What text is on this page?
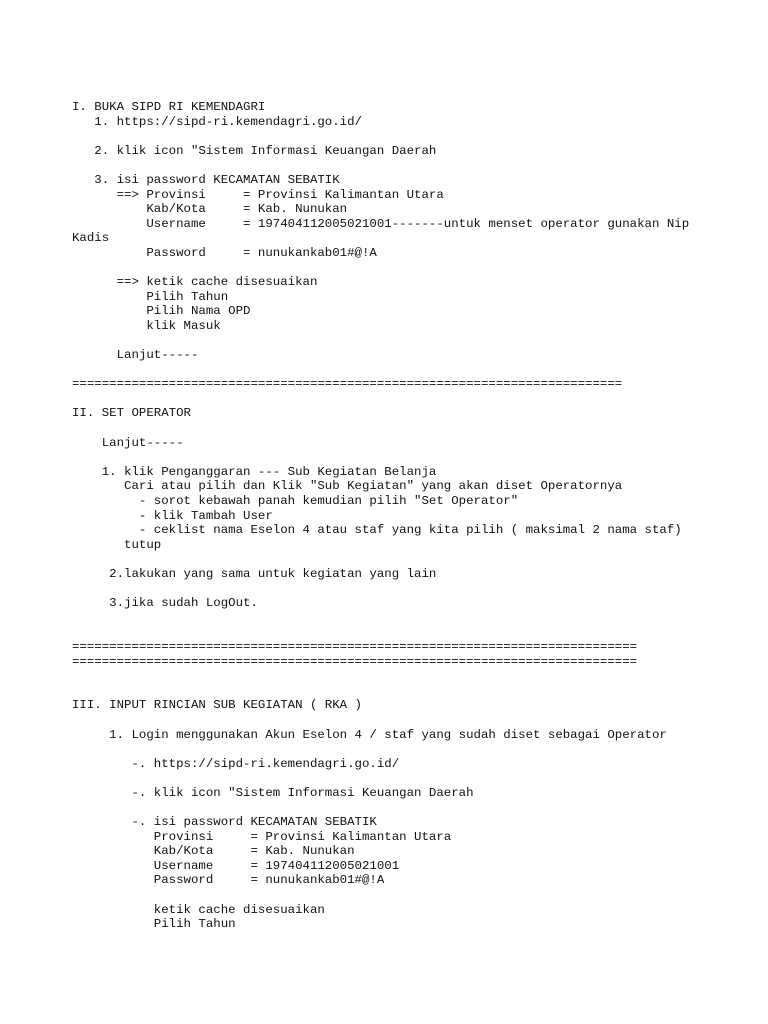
I. BUKA SIPD RI KEMENDAGRI
1. https://sipd-ri.kemendagri.go.id/
2. klik icon "Sistem Informasi Keuangan Daerah
3. isi password KECAMATAN SEBATIK
==> Provinsi     = Provinsi Kalimantan Utara
Kab/Kota     = Kab. Nunukan
Username     = 197404112005021001-------untuk menset operator gunakan Nip
Kadis
Password     = nunukankab01#@!A
==> ketik cache disesuaikan
Pilih Tahun
Pilih Nama OPD
klik Masuk
Lanjut-----
==========================================================================
II. SET OPERATOR
Lanjut-----
1. klik Penganggaran --- Sub Kegiatan Belanja
Cari atau pilih dan Klik "Sub Kegiatan" yang akan diset Operatornya
- sorot kebawah panah kemudian pilih "Set Operator"
- klik Tambah User
- ceklist nama Eselon 4 atau staf yang kita pilih ( maksimal 2 nama staf)
tutup
2.lakukan yang sama untuk kegiatan yang lain
3.jika sudah LogOut.
============================================================================
============================================================================
III. INPUT RINCIAN SUB KEGIATAN ( RKA )
1. Login menggunakan Akun Eselon 4 / staf yang sudah diset sebagai Operator
-. https://sipd-ri.kemendagri.go.id/
-. klik icon "Sistem Informasi Keuangan Daerah
-. isi password KECAMATAN SEBATIK
Provinsi     = Provinsi Kalimantan Utara
Kab/Kota     = Kab. Nunukan
Username     = 197404112005021001
Password     = nunukankab01#@!A
ketik cache disesuaikan
Pilih Tahun
